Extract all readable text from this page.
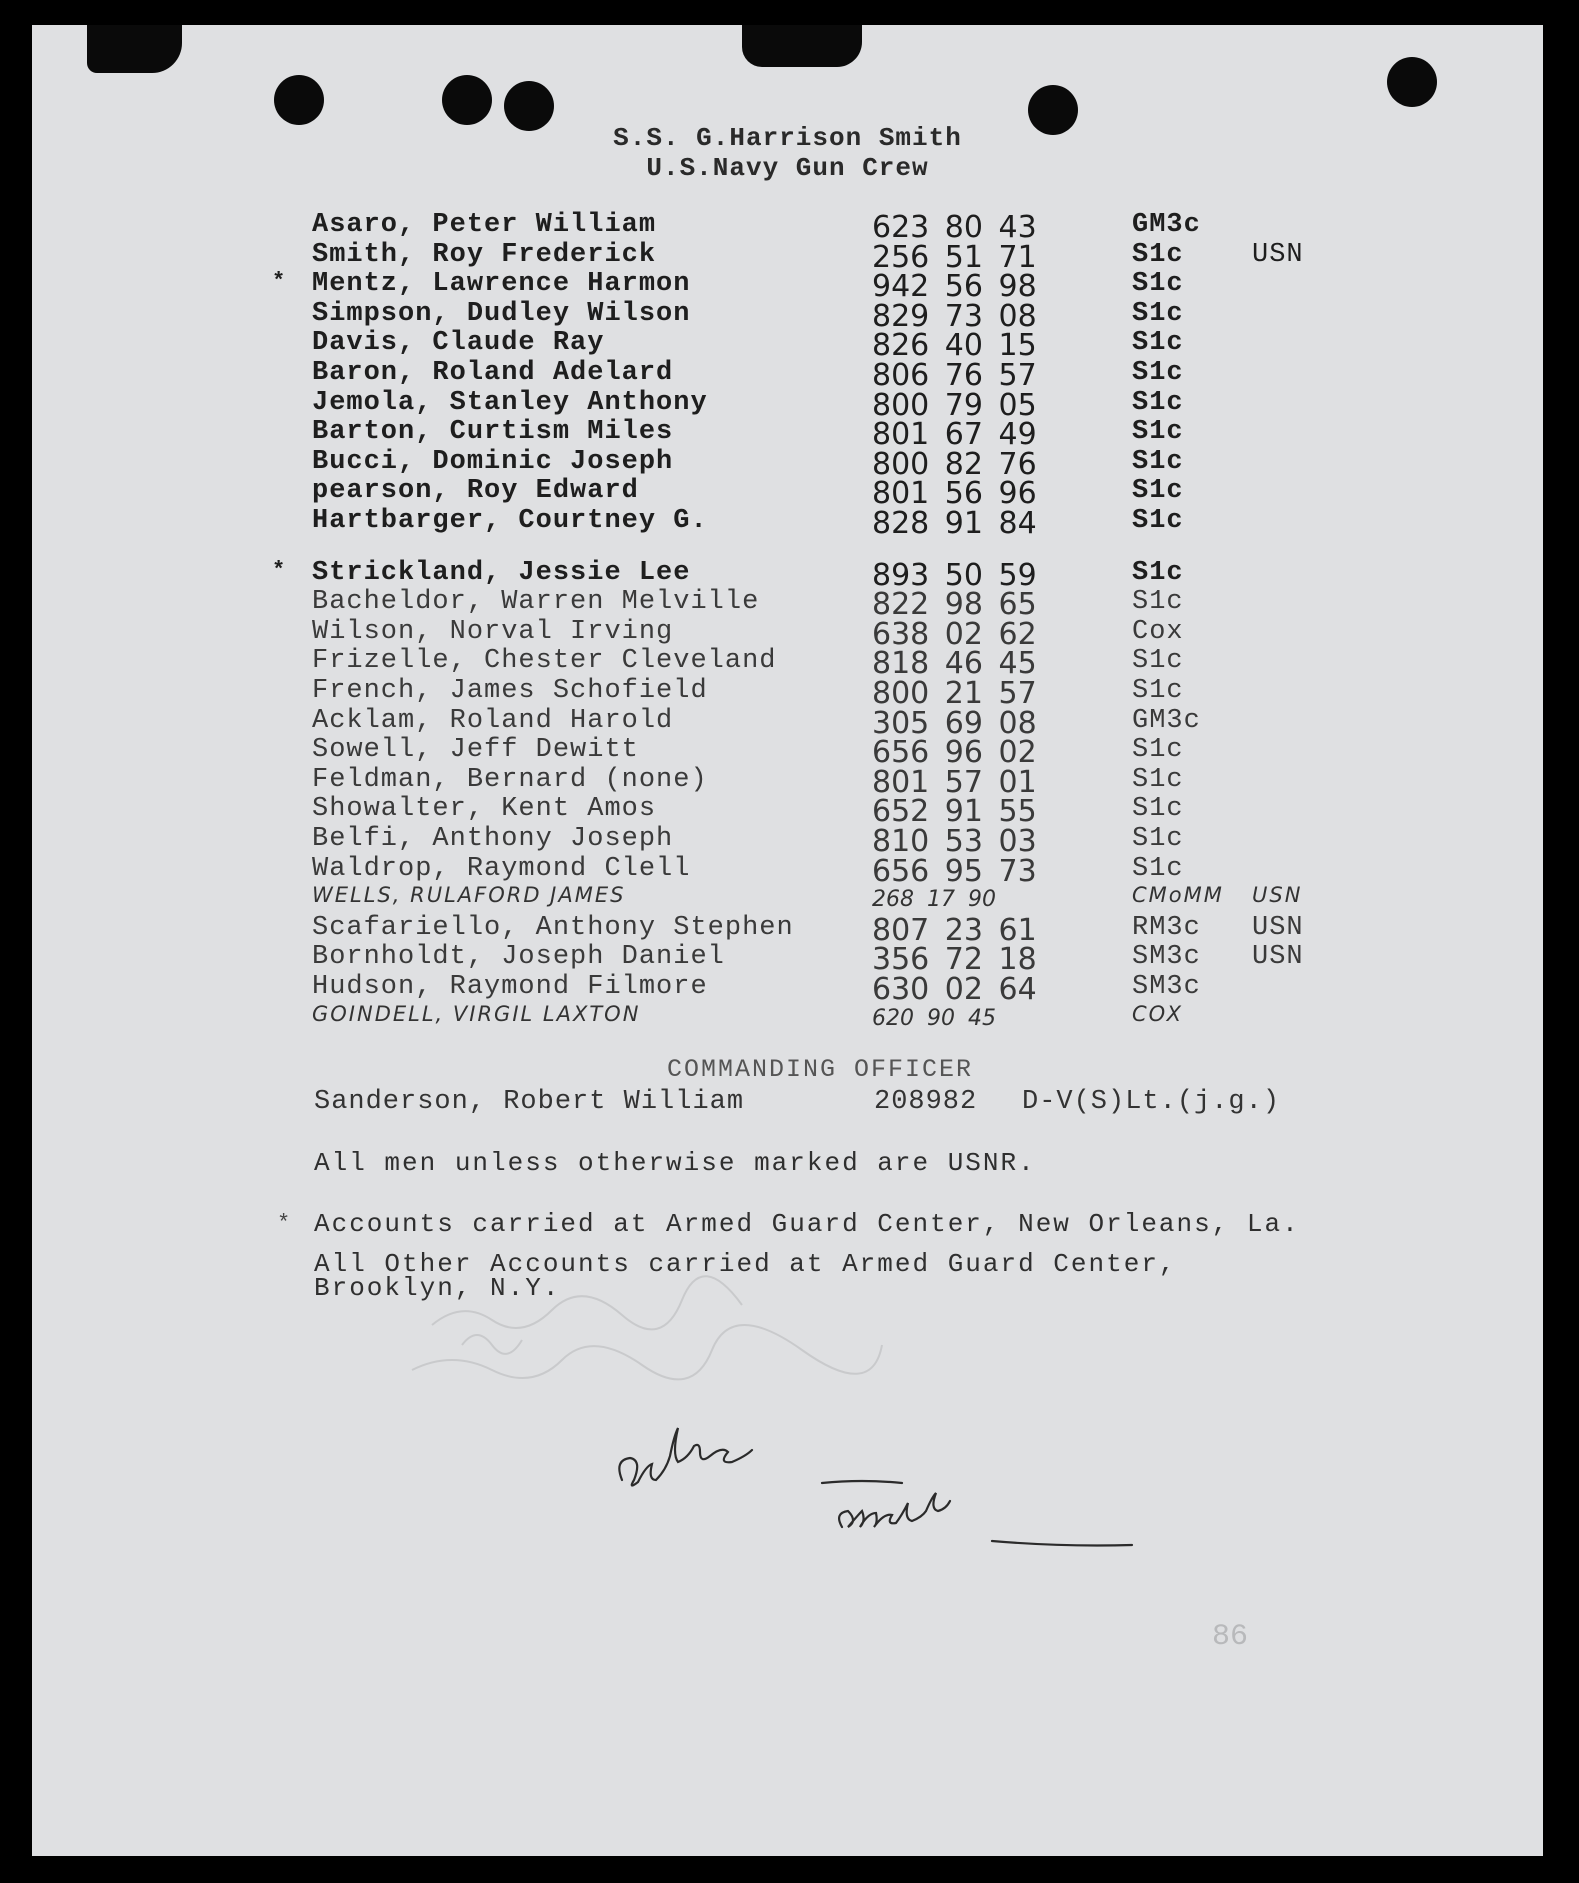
S.S. G.Harrison Smith
U.S.Navy Gun Crew
Asaro, Peter William	623 80 43	GM3c
Smith, Roy Frederick	256 51 71	S1c	USN
* Mentz, Lawrence Harmon	942 56 98	S1c
Simpson, Dudley Wilson	829 73 08	S1c
Davis, Claude Ray	826 40 15	S1c
Baron, Roland Adelard	806 76 57	S1c
Jemola, Stanley Anthony	800 79 05	S1c
Barton, Curtism Miles	801 67 49	S1c
Bucci, Dominic Joseph	800 82 76	S1c
pearson, Roy Edward	801 56 96	S1c
Hartbarger, Courtney G.	828 91 84	S1c
* Strickland, Jessie Lee	893 50 59	S1c
Bacheldor, Warren Melville	822 98 65	S1c
Wilson, Norval Irving	638 02 62	Cox
Frizelle, Chester Cleveland	818 46 45	S1c
French, James Schofield	800 21 57	S1c
Acklam, Roland Harold	305 69 08	GM3c
Sowell, Jeff Dewitt	656 96 02	S1c
Feldman, Bernard (none)	801 57 01	S1c
Showalter, Kent Amos	652 91 55	S1c
Belfi, Anthony Joseph	810 53 03	S1c
Waldrop, Raymond Clell	656 95 73	S1c
WELLS, RULAFORD JAMES	268 17 90	CMoMM USN
Scafariello, Anthony Stephen	807 23 61	RM3c USN
Bornholdt, Joseph Daniel	356 72 18	SM3c USN
Hudson, Raymond Filmore	630 02 64	SM3c
GOINDELL, VIRGIL LAXTON	620 90 45	COX
COMMANDING OFFICER
Sanderson, Robert William	208982 D-V(S)Lt.(j.g.)
All men unless otherwise marked are USNR.
* Accounts carried at Armed Guard Center, New Orleans, La.
All Other Accounts carried at Armed Guard Center,
Brooklyn, N.Y.
86
